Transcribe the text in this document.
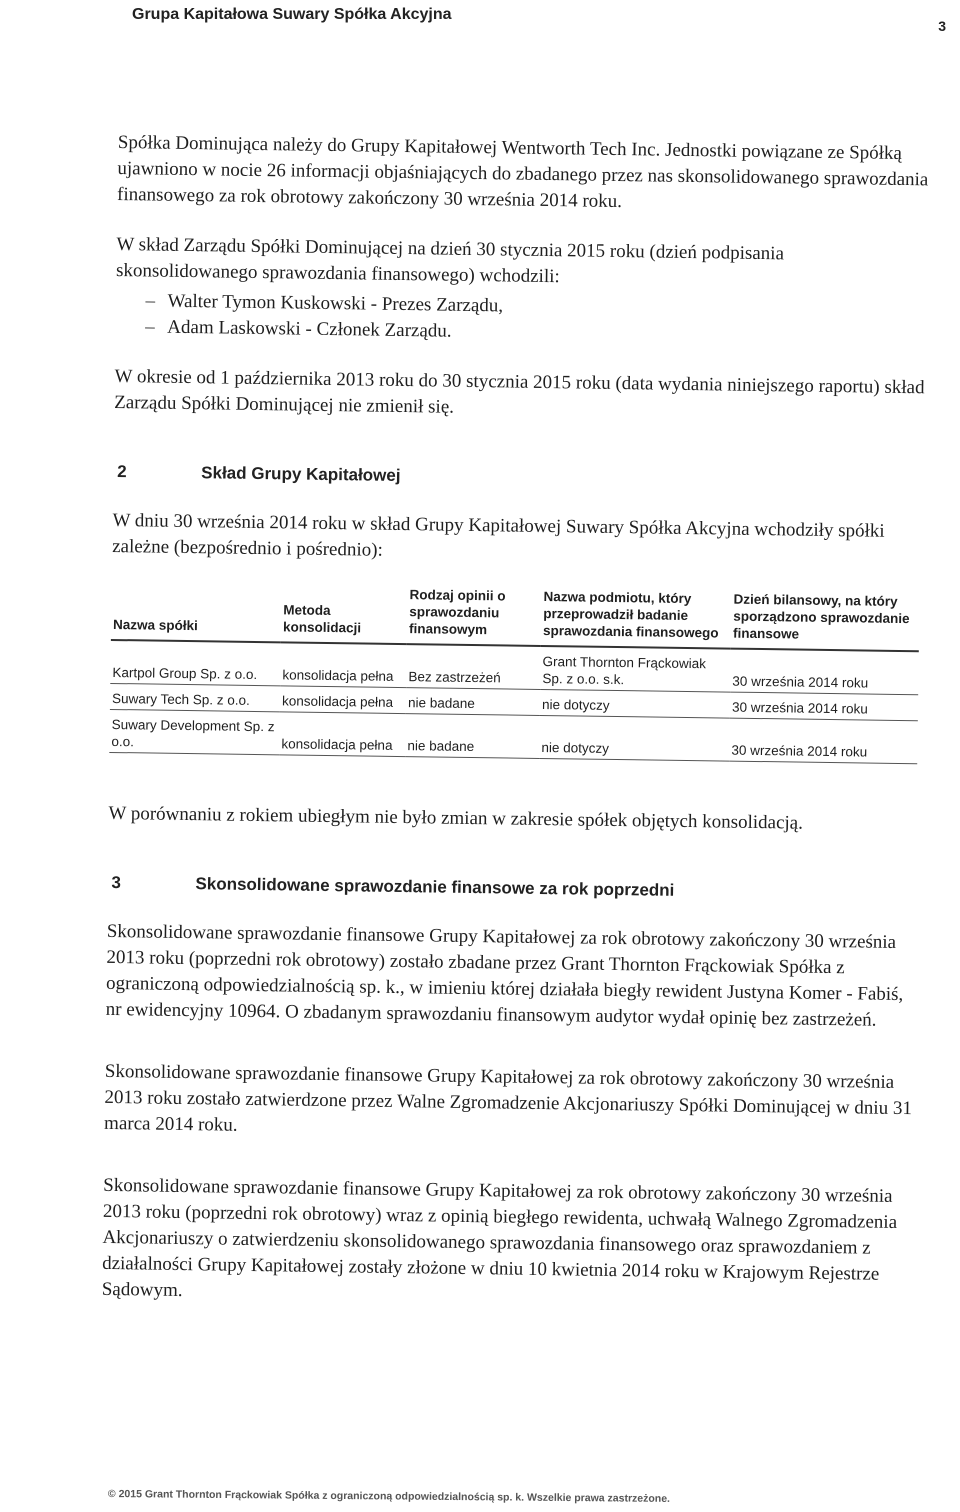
Grupa Kapitałowa Suwary Spółka Akcyjna
3

Spółka Dominująca należy do Grupy Kapitałowej Wentworth Tech Inc. Jednostki powiązane ze Spółką ujawniono w nocie 26 informacji objaśniających do zbadanego przez nas skonsolidowanego sprawozdania finansowego za rok obrotowy zakończony 30 września 2014 roku.

W skład Zarządu Spółki Dominującej na dzień 30 stycznia 2015 roku (dzień podpisania skonsolidowanego sprawozdania finansowego) wchodzili:

– Walter Tymon Kuskowski - Prezes Zarządu,
– Adam Laskowski - Członek Zarządu.

W okresie od 1 października 2013 roku do 30 stycznia 2015 roku (data wydania niniejszego raportu) skład Zarządu Spółki Dominującej nie zmienił się.

2	Skład Grupy Kapitałowej

W dniu 30 września 2014 roku w skład Grupy Kapitałowej Suwary Spółka Akcyjna wchodziły spółki zależne (bezpośrednio i pośrednio):

Nazwa spółki	Metoda konsolidacji	Rodzaj opinii o sprawozdaniu finansowym	Nazwa podmiotu, który przeprowadził badanie sprawozdania finansowego	Dzień bilansowy, na który sporządzono sprawozdanie finansowe
Kartpol Group Sp. z o.o.	konsolidacja pełna	Bez zastrzeżeń	Grant Thornton Frąckowiak Sp. z o.o. s.k.	30 września 2014 roku
Suwary Tech Sp. z o.o.	konsolidacja pełna	nie badane	nie dotyczy	30 września 2014 roku
Suwary Development Sp. z o.o.	konsolidacja pełna	nie badane	nie dotyczy	30 września 2014 roku

W porównaniu z rokiem ubiegłym nie było zmian w zakresie spółek objętych konsolidacją.

3	Skonsolidowane sprawozdanie finansowe za rok poprzedni

Skonsolidowane sprawozdanie finansowe Grupy Kapitałowej za rok obrotowy zakończony 30 września 2013 roku (poprzedni rok obrotowy) zostało zbadane przez Grant Thornton Frąckowiak Spółka z ograniczoną odpowiedzialnością sp. k., w imieniu której działała biegły rewident Justyna Komer - Fabiś, nr ewidencyjny 10964. O zbadanym sprawozdaniu finansowym audytor wydał opinię bez zastrzeżeń.

Skonsolidowane sprawozdanie finansowe Grupy Kapitałowej za rok obrotowy zakończony 30 września 2013 roku zostało zatwierdzone przez Walne Zgromadzenie Akcjonariuszy Spółki Dominującej w dniu 31 marca 2014 roku.

Skonsolidowane sprawozdanie finansowe Grupy Kapitałowej za rok obrotowy zakończony 30 września 2013 roku (poprzedni rok obrotowy) wraz z opinią biegłego rewidenta, uchwałą Walnego Zgromadzenia Akcjonariuszy o zatwierdzeniu skonsolidowanego sprawozdania finansowego oraz sprawozdaniem z działalności Grupy Kapitałowej zostały złożone w dniu 10 kwietnia 2014 roku w Krajowym Rejestrze Sądowym.

© 2015 Grant Thornton Frąckowiak Spółka z ograniczoną odpowiedzialnością sp. k. Wszelkie prawa zastrzeżone.
